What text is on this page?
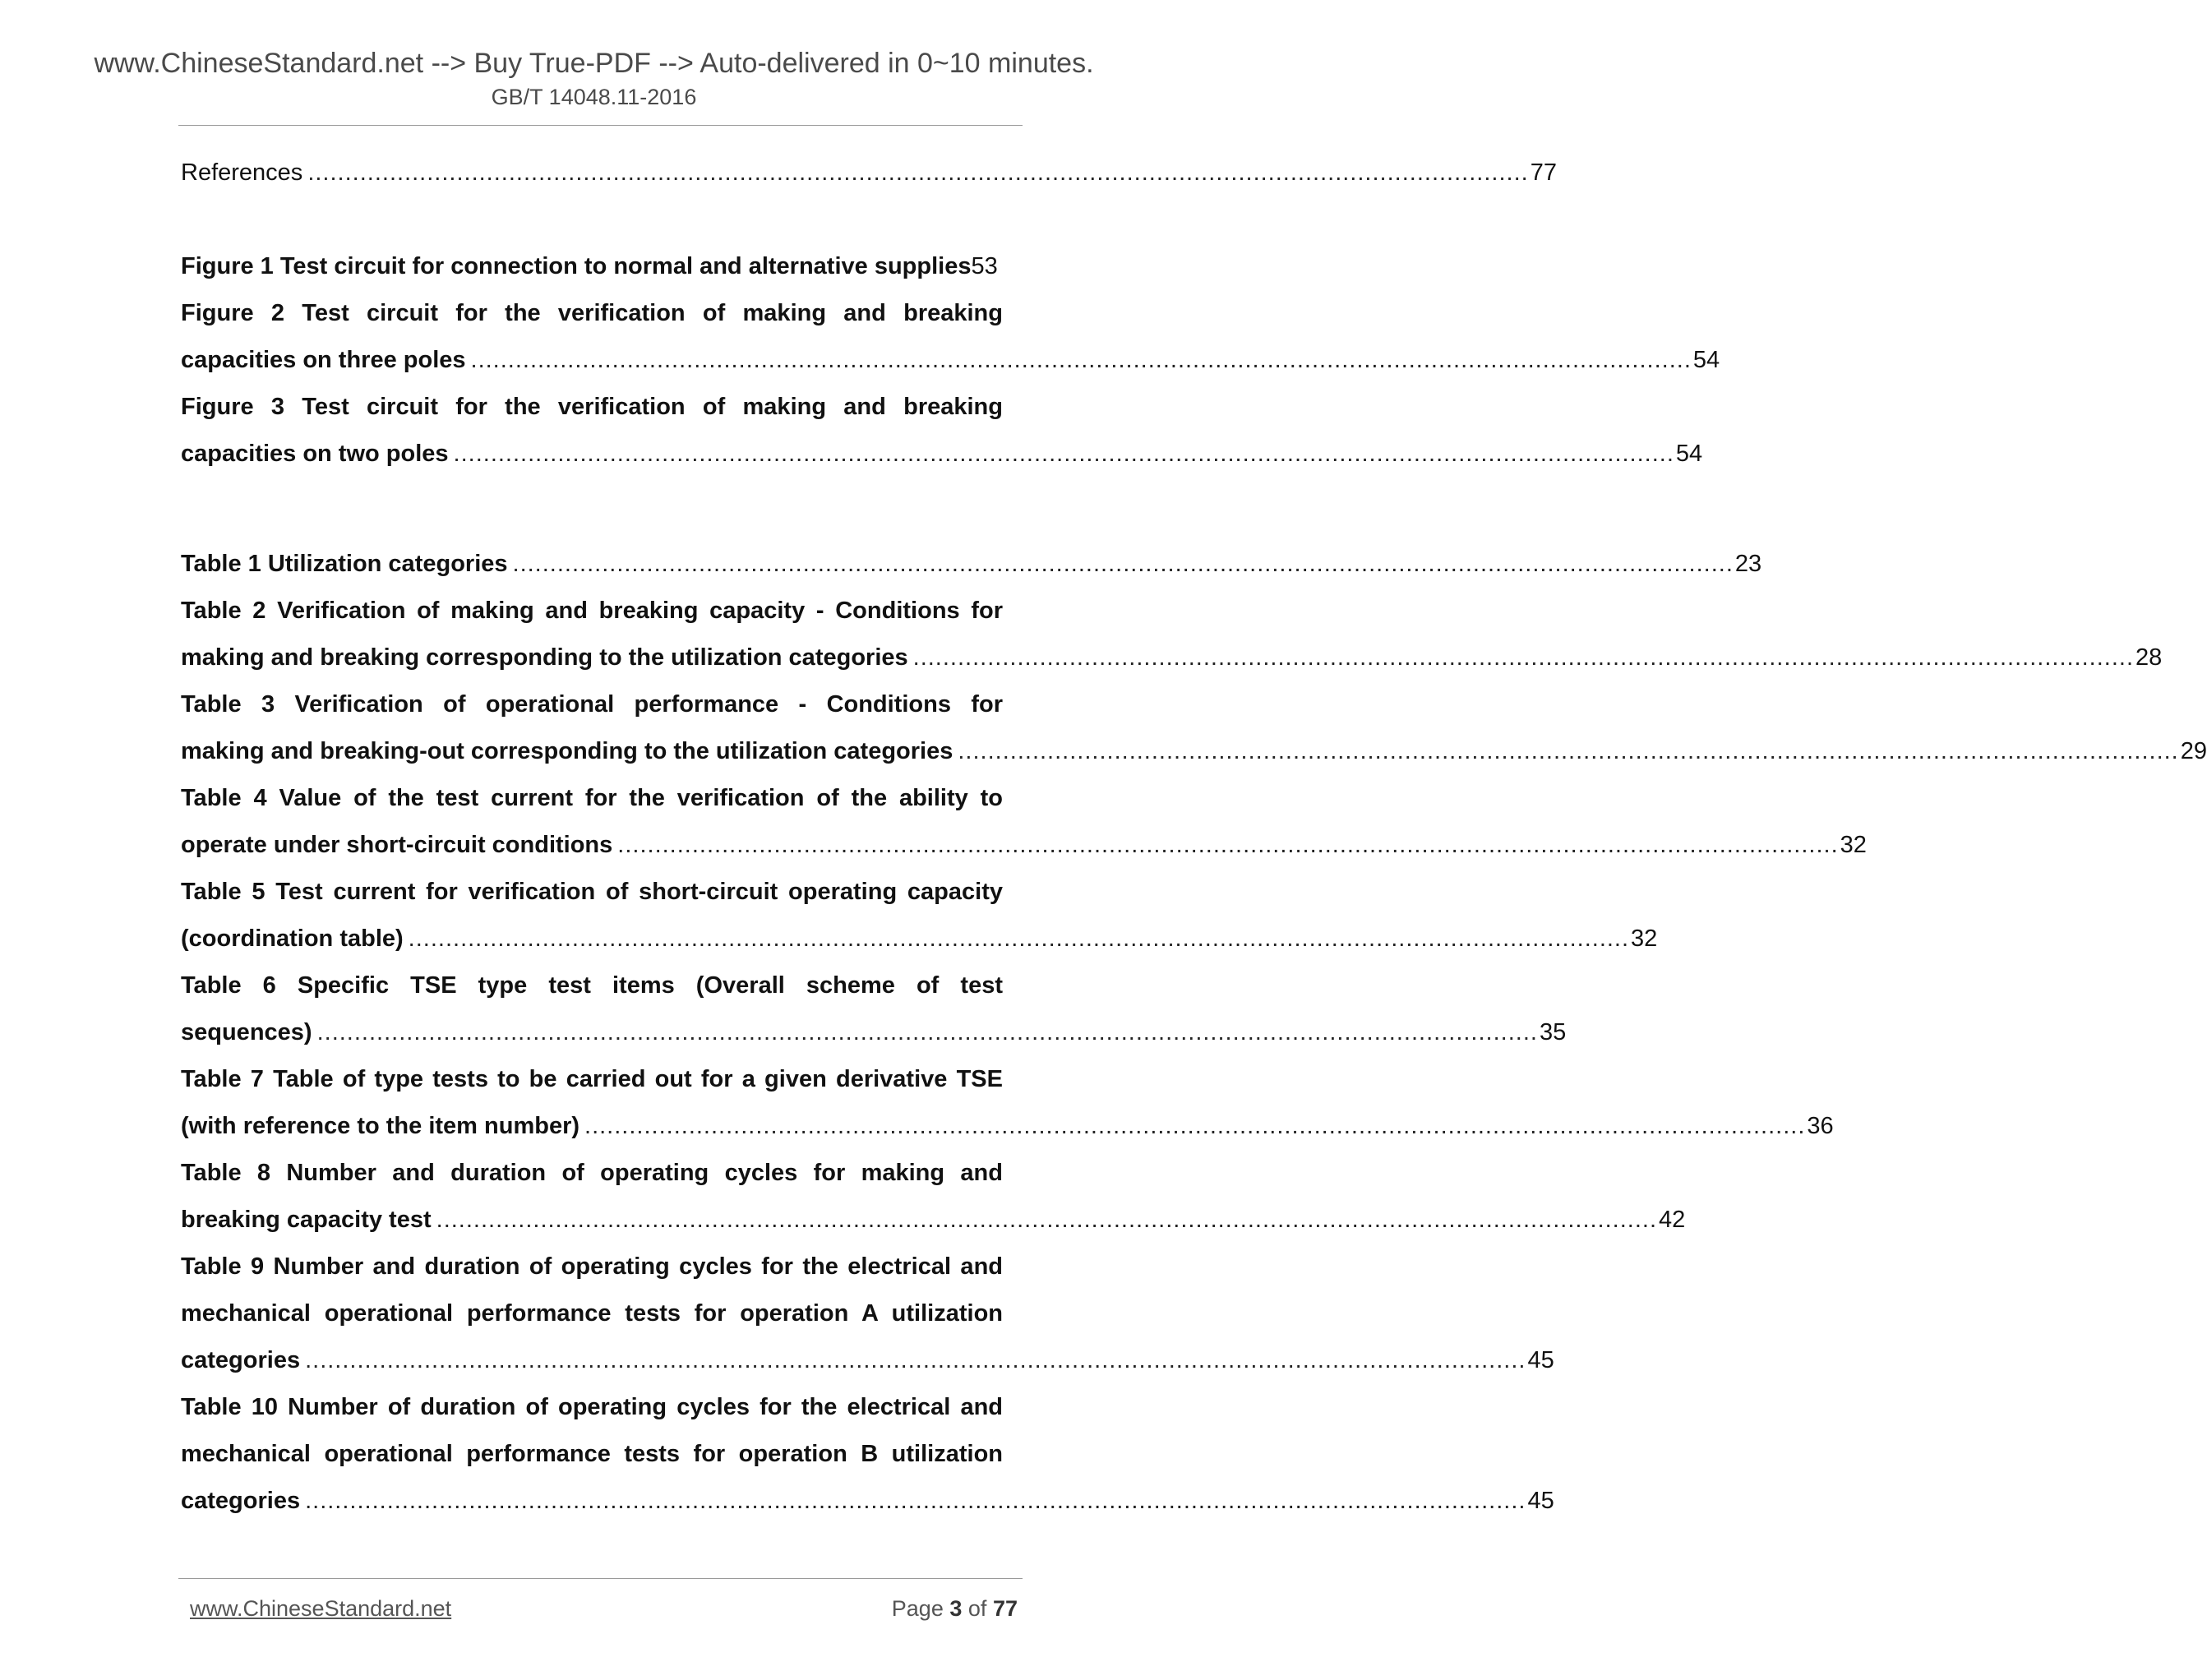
www.ChineseStandard.net --> Buy True-PDF --> Auto-delivered in 0~10 minutes.
GB/T 14048.11-2016
References .................................................................................................................................................................... 77
Figure 1 Test circuit for connection to normal and alternative supplies53
Figure 2 Test circuit for the verification of making and breaking
capacities on three poles .................................................................................................................................................................... 54
Figure 3 Test circuit for the verification of making and breaking
capacities on two poles .................................................................................................................................................................... 54
Table 1 Utilization categories .................................................................................................................................................................... 23
Table 2 Verification of making and breaking capacity - Conditions for
making and breaking corresponding to the utilization categories .................................................................................................................................................................... 28
Table 3 Verification of operational performance - Conditions for
making and breaking-out corresponding to the utilization categories .................................................................................................................................................................... 29
Table 4 Value of the test current for the verification of the ability to
operate under short-circuit conditions .................................................................................................................................................................... 32
Table 5 Test current for verification of short-circuit operating capacity
(coordination table) .................................................................................................................................................................... 32
Table 6 Specific TSE type test items (Overall scheme of test
sequences) .................................................................................................................................................................... 35
Table 7 Table of type tests to be carried out for a given derivative TSE
(with reference to the item number) .................................................................................................................................................................... 36
Table 8 Number and duration of operating cycles for making and
breaking capacity test .................................................................................................................................................................... 42
Table 9 Number and duration of operating cycles for the electrical and
mechanical operational performance tests for operation A utilization
categories .................................................................................................................................................................... 45
Table 10 Number of duration of operating cycles for the electrical and
mechanical operational performance tests for operation B utilization
categories .................................................................................................................................................................... 45
www.ChineseStandard.net	Page 3 of 77
